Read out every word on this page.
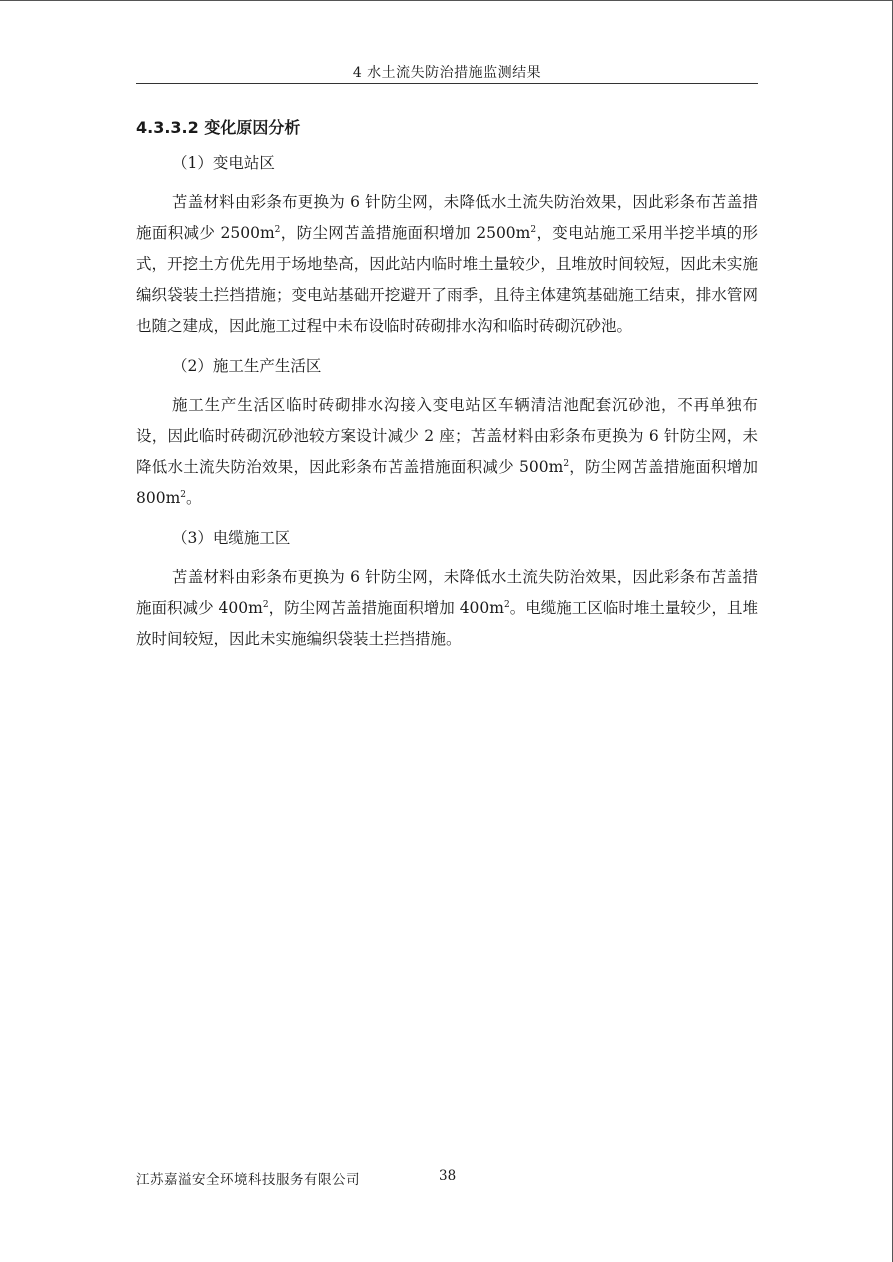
4 水土流失防治措施监测结果
4.3.3.2 变化原因分析
（1）变电站区

苫盖材料由彩条布更换为 6 针防尘网，未降低水土流失防治效果，因此彩条布苫盖措施面积减少 $2500m^2$，防尘网苫盖措施面积增加 $2500m^2$，变电站施工采用半挖半填的形式，开挖土方优先用于场地垫高，因此站内临时堆土量较少，且堆放时间较短，因此未实施编织袋装土拦挡措施；变电站基础开挖避开了雨季，且待主体建筑基础施工结束，排水管网也随之建成，因此施工过程中未布设临时砖砌排水沟和临时砖砌沉砂池。

（2）施工生产生活区

施工生产生活区临时砖砌排水沟接入变电站区车辆清洁池配套沉砂池，不再单独布设，因此临时砖砌沉砂池较方案设计减少 2 座；苫盖材料由彩条布更换为 6 针防尘网，未降低水土流失防治效果，因此彩条布苫盖措施面积减少 $500m^2$，防尘网苫盖措施面积增加 $800m^2$。

（3）电缆施工区

苫盖材料由彩条布更换为 6 针防尘网，未降低水土流失防治效果，因此彩条布苫盖措施面积减少 $400m^2$，防尘网苫盖措施面积增加 $400m^2$。电缆施工区临时堆土量较少，且堆放时间较短，因此未实施编织袋装土拦挡措施。

江苏嘉溢安全环境科技服务有限公司	38
